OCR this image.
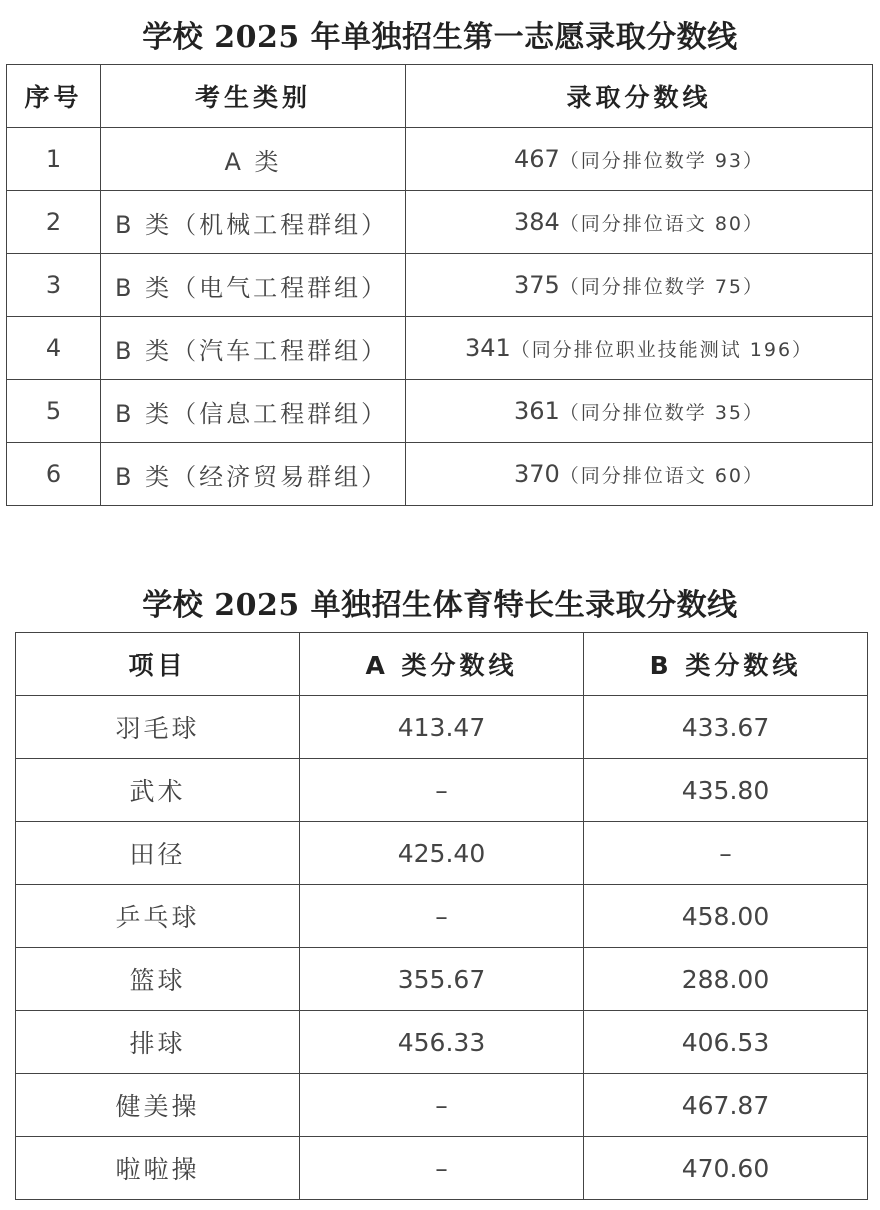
学校 2025 年单独招生第一志愿录取分数线
序号	考生类别	录取分数线
1	A 类	467（同分排位数学 93）
2	B 类（机械工程群组）	384（同分排位语文 80）
3	B 类（电气工程群组）	375（同分排位数学 75）
4	B 类（汽车工程群组）	341（同分排位职业技能测试 196）
5	B 类（信息工程群组）	361（同分排位数学 35）
6	B 类（经济贸易群组）	370（同分排位语文 60）
学校 2025 单独招生体育特长生录取分数线
项目	A 类分数线	B 类分数线
羽毛球	413.47	433.67
武术	–	435.80
田径	425.40	–
乒乓球	–	458.00
篮球	355.67	288.00
排球	456.33	406.53
健美操	–	467.87
啦啦操	–	470.60
